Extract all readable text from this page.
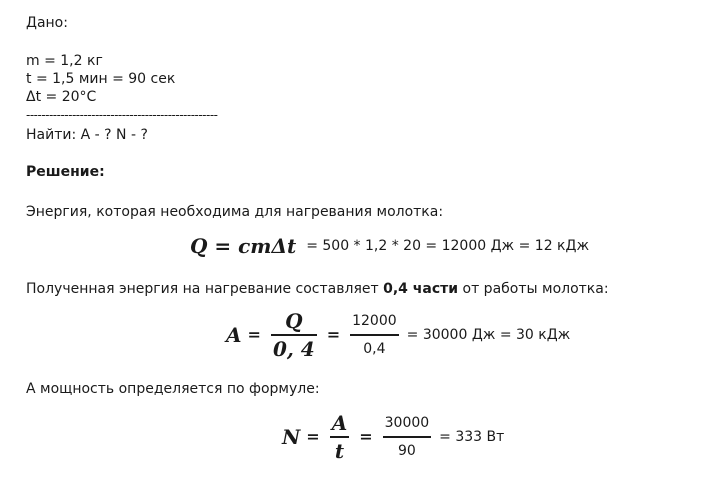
Дано:
m = 1,2 кг
t = 1,5 мин = 90 сек
Δt = 20°C
--------------------------------------------------
Найти: A - ? N - ?
Решение:
Энергия, которая необходима для нагревания молотка:
Q = cmΔt = 500 * 1,2 * 20 = 12000 Дж = 12 кДж
Полученная энергия на нагревание составляет 0,4 части от работы молотка:
$A = \frac{Q}{0, 4} = \frac{12000}{0,4} = 30000$ Дж = 30 кДж
А мощность определяется по формуле:
$N = \frac{A}{t} = \frac{30000}{90} = 333$ Вт
